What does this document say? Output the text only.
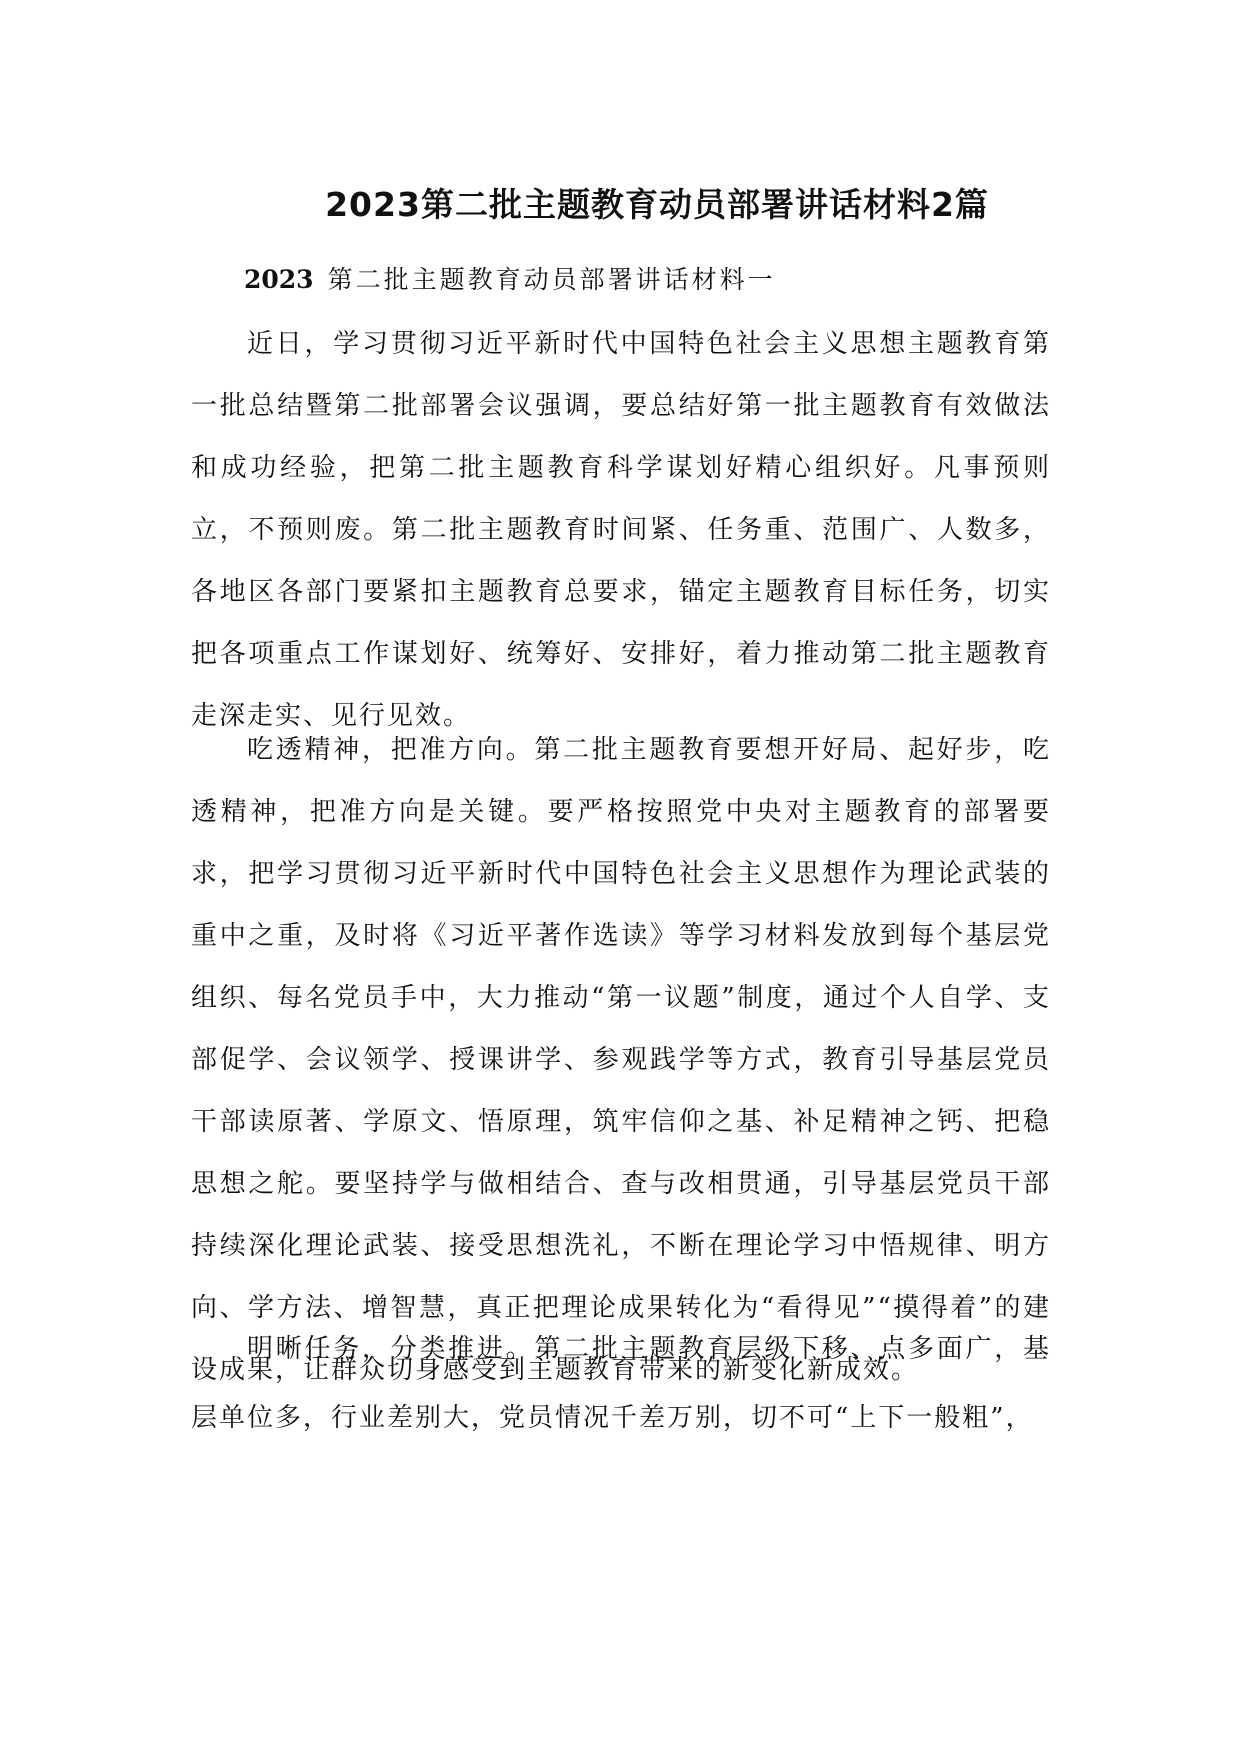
2023第二批主题教育动员部署讲话材料2篇
2023 第二批主题教育动员部署讲话材料一

近日，学习贯彻习近平新时代中国特色社会主义思想主题教育第一批总结暨第二批部署会议强调，要总结好第一批主题教育有效做法和成功经验，把第二批主题教育科学谋划好精心组织好。凡事预则立，不预则废。第二批主题教育时间紧、任务重、范围广、人数多，各地区各部门要紧扣主题教育总要求，锚定主题教育目标任务，切实把各项重点工作谋划好、统筹好、安排好，着力推动第二批主题教育走深走实、见行见效。

吃透精神，把准方向。第二批主题教育要想开好局、起好步，吃透精神，把准方向是关键。要严格按照党中央对主题教育的部署要求，把学习贯彻习近平新时代中国特色社会主义思想作为理论武装的重中之重，及时将《习近平著作选读》等学习材料发放到每个基层党组织、每名党员手中，大力推动“第一议题”制度，通过个人自学、支部促学、会议领学、授课讲学、参观践学等方式，教育引导基层党员干部读原著、学原文、悟原理，筑牢信仰之基、补足精神之钙、把稳思想之舵。要坚持学与做相结合、查与改相贯通，引导基层党员干部持续深化理论武装、接受思想洗礼，不断在理论学习中悟规律、明方向、学方法、增智慧，真正把理论成果转化为“看得见”“摸得着”的建设成果，让群众切身感受到主题教育带来的新变化新成效。

明晰任务，分类推进。第二批主题教育层级下移、点多面广，基层单位多，行业差别大，党员情况千差万别，切不可“上下一般粗”，
